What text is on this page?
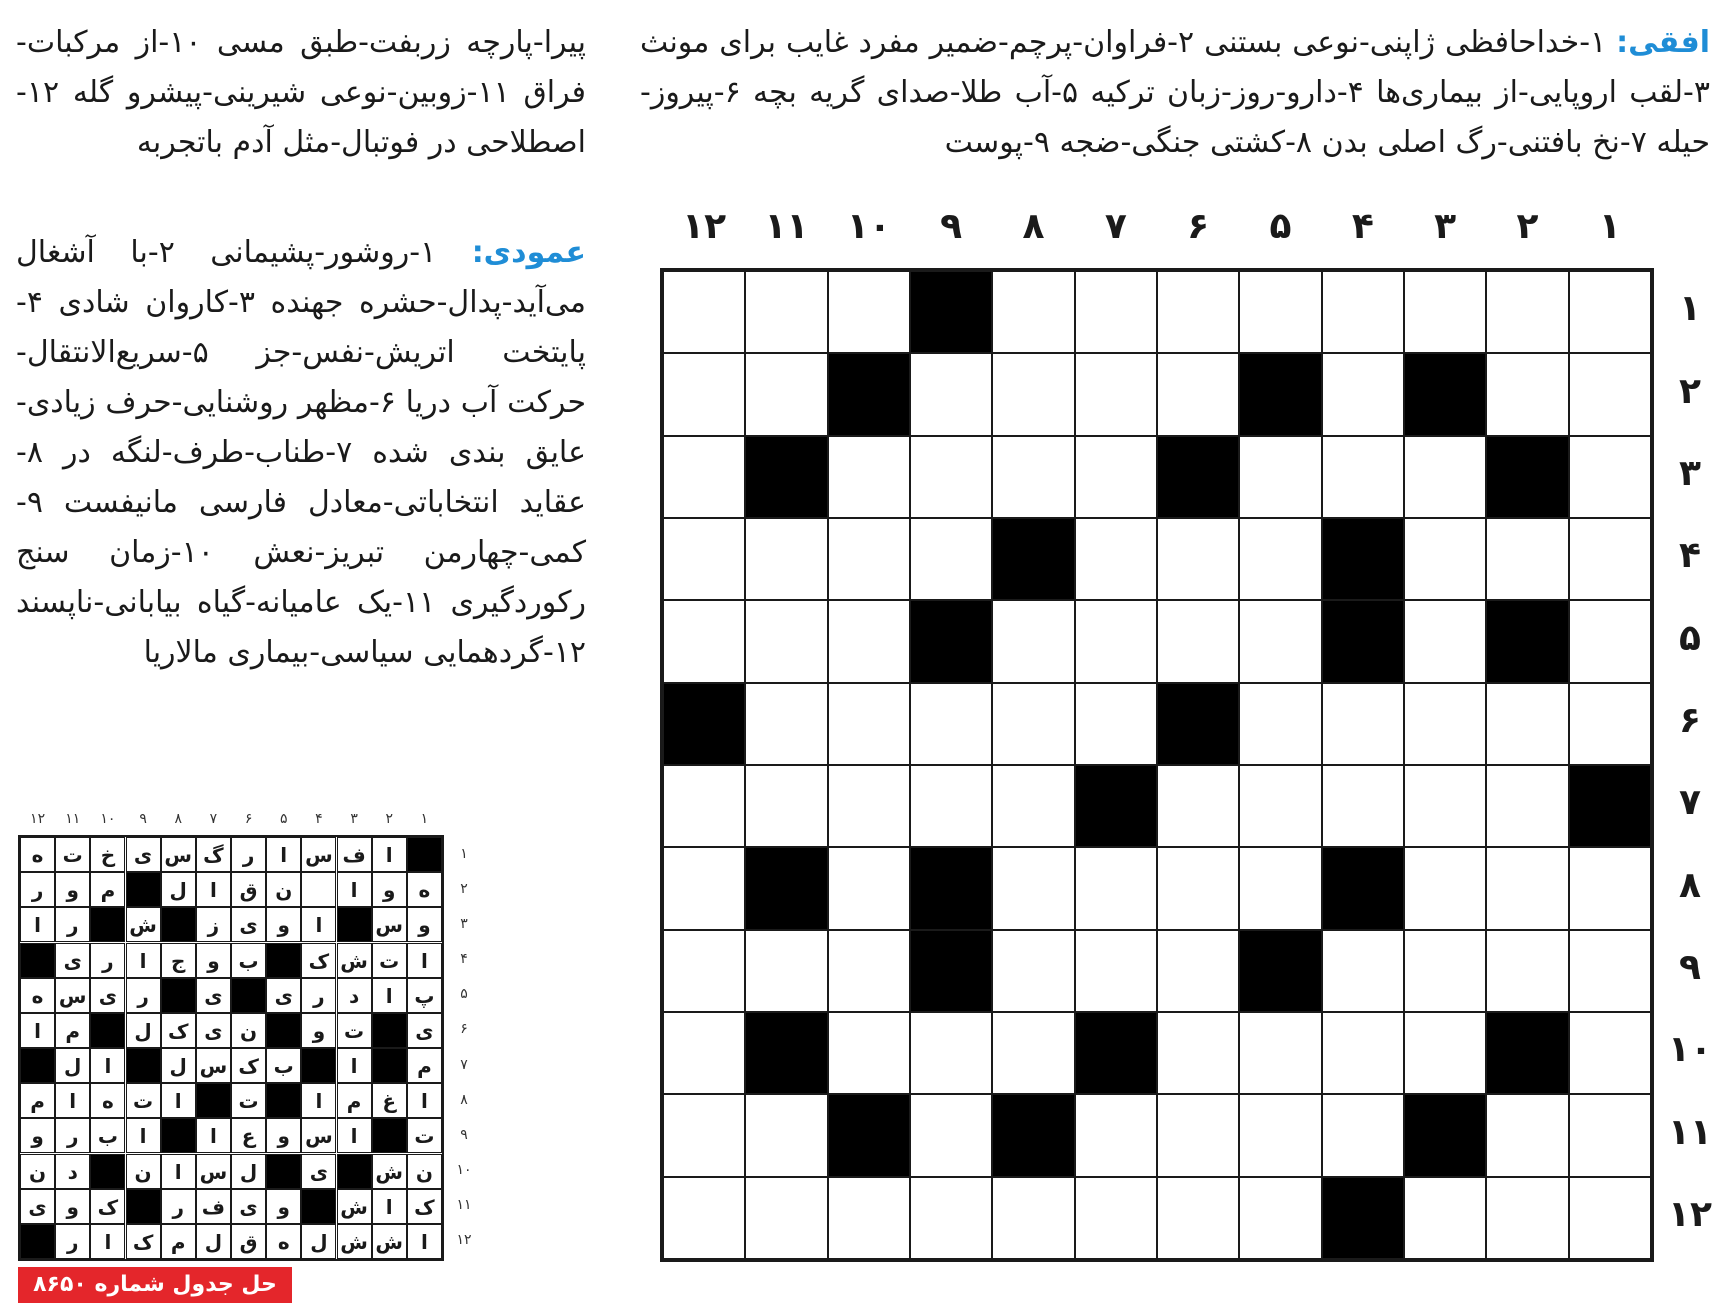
افقی: ۱-خداحافظی ژاپنی-نوعی بستنی ۲-فراوان-پرچم-ضمیر مفرد غایب برای مونث ۳-لقب اروپایی-از بیماری‌ها ۴-دارو-روز-زبان ترکیه ۵-آب طلا-صدای گریه بچه ۶-پیروز-حیله ۷-نخ بافتنی-رگ اصلی بدن ۸-کشتی جنگی-ضجه ۹-پوست
پیرا-پارچه زربفت-طبق مسی ۱۰-از مرکبات-فراق ۱۱-زوبین-نوعی شیرینی-پیشرو گله ۱۲-اصطلاحی در فوتبال-مثل آدم باتجربه
عمودی: ۱-روشور-پشیمانی ۲-با آشغال می‌آید-پدال-حشره جهنده ۳-کاروان شادی ۴- پایتخت اتریش-نفس-جز ۵-سریع‌الانتقال-حرکت آب دریا ۶-مظهر روشنایی-حرف زیادی-عایق بندی شده ۷-طناب-طرف-لنگه در ۸-عقاید انتخاباتی-معادل فارسی مانیفست ۹-کمی-چهارمن تبریز-نعش ۱۰-زمان سنج رکوردگیری ۱۱-یک عامیانه-گیاه بیابانی-ناپسند ۱۲-گردهمایی سیاسی-بیماری مالاریا
۱
۲
۳
۴
۵
۶
۷
۸
۹
۱۰
۱۱
۱۲
۱
۲
۳
۴
۵
۶
۷
۸
۹
۱۰
۱۱
۱۲
۱
۲
۳
۴
۵
۶
۷
۸
۹
۱۰
۱۱
۱۲
۱
۲
۳
۴
۵
۶
۷
۸
۹
۱۰
۱۱
۱۲
ا
ف
س
ا
ر
گ
س
ی
خ
ت
ه
ه
و
ا
ن
ق
ا
ل
م
و
ر
و
س
ا
و
ی
ز
ش
ر
ا
ا
ت
ش
ک
ب
و
ج
ا
ر
ی
پ
ا
د
ر
ی
ی
ر
ی
س
ه
ی
ت
و
ن
ی
ک
ل
م
ا
م
ا
ب
ک
س
ل
ا
ل
ا
غ
م
ا
ت
ا
ت
ه
ا
م
ت
ا
س
و
ع
ا
ا
ب
ر
و
ن
ش
ی
ل
س
ا
ن
د
ن
ک
ا
ش
و
ی
ف
ر
ک
و
ی
ا
ش
ش
ل
ه
ق
ل
م
ک
ا
ر
حل جدول شماره ۸۶۵۰
